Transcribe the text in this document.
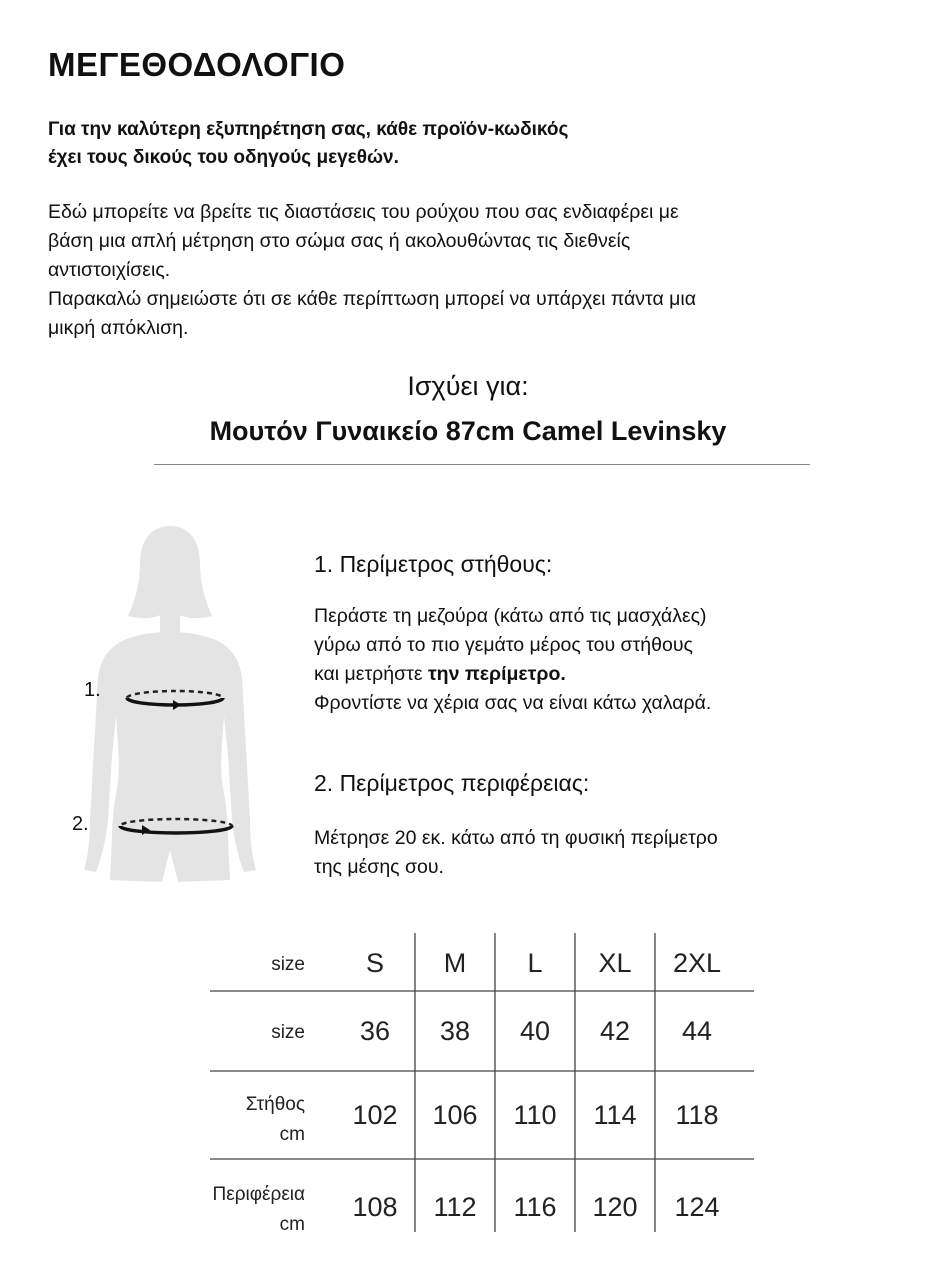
ΜΕΓΕΘΟΔΟΛΟΓΙΟ
Για την καλύτερη εξυπηρέτηση σας, κάθε προϊόν-κωδικός
έχει τους δικούς του οδηγούς μεγεθών.
Εδώ μπορείτε να βρείτε τις διαστάσεις του ρούχου που σας ενδιαφέρει με
βάση μια απλή μέτρηση στο σώμα σας ή ακολουθώντας τις διεθνείς
αντιστοιχίσεις.
Παρακαλώ σημειώστε ότι σε κάθε περίπτωση μπορεί να υπάρχει πάντα μια
μικρή απόκλιση.
Ισχύει για:
Μουτόν Γυναικείο 87cm Camel Levinsky
1.
2.
1. Περίμετρος στήθους:
Περάστε τη μεζούρα (κάτω από τις μασχάλες)
γύρω από το πιο γεμάτο μέρος του στήθους
και μετρήστε την περίμετρο.
Φροντίστε να χέρια σας να είναι κάτω χαλαρά.
2. Περίμετρος περιφέρειας:
Μέτρησε 20 εκ. κάτω από τη φυσική περίμετρο
της μέσης σου.
size	S	M	L	XL	2XL
size	36	38	40	42	44
Στήθος
cm
102	106	110	114	118
Περιφέρεια
cm
108	112	116	120	124
